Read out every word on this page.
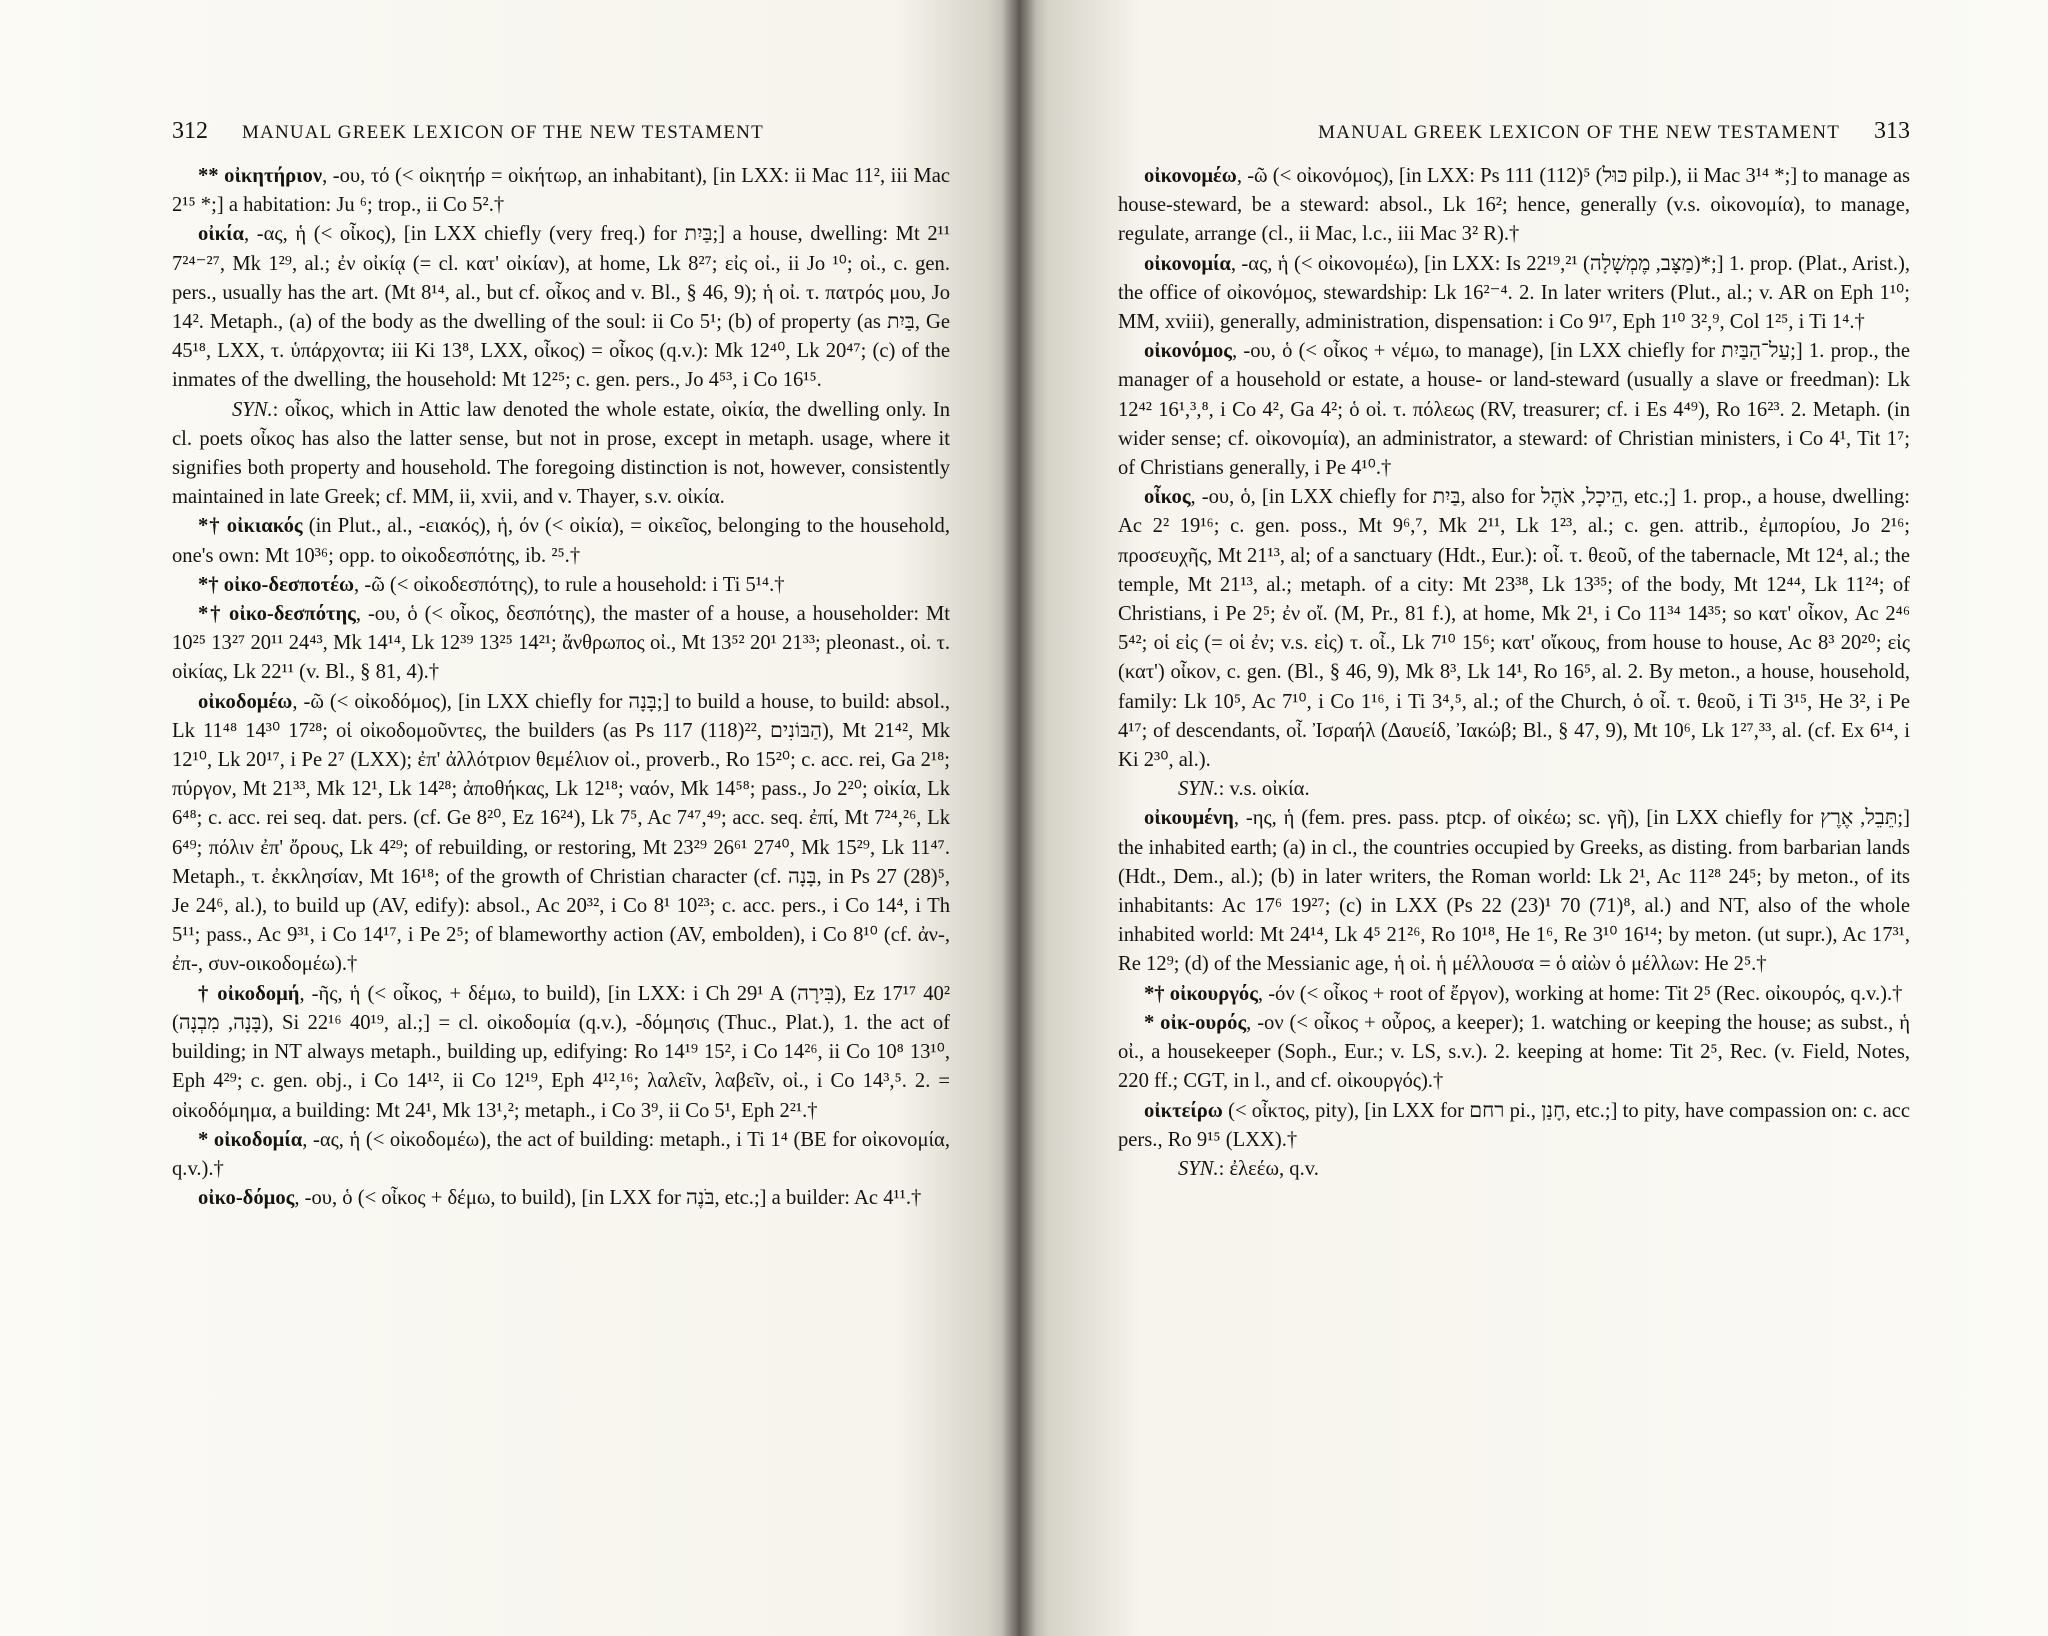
312 MANUAL GREEK LEXICON OF THE NEW TESTAMENT

** οἰκητήριον, -ου, τό (< οἰκητήρ = οἰκήτωρ, an inhabitant), [in LXX: ii Mac 11², iii Mac 2¹⁵ *;] a habitation: Ju ⁶; trop., ii Co 5².†

οἰκία, -ας, ἡ (< οἶκος), [in LXX chiefly (very freq.) for בַּיִת;] a house, dwelling: Mt 2¹¹ 7²⁴⁻²⁷, Mk 1²⁹, al.; ἐν οἰκίᾳ (= cl. κατ' οἰκίαν), at home, Lk 8²⁷; εἰς οἰ., ii Jo ¹⁰; οἰ., c. gen. pers., usually has the art. (Mt 8¹⁴, al., but cf. οἶκος and v. Bl., § 46, 9); ἡ οἰ. τ. πατρός μου, Jo 14². Metaph., (a) of the body as the dwelling of the soul: ii Co 5¹; (b) of property (as בַּיִת, Ge 45¹⁸, LXX, τ. ὑπάρχοντα; iii Ki 13⁸, LXX, οἶκος) = οἶκος (q.v.): Mk 12⁴⁰, Lk 20⁴⁷; (c) of the inmates of the dwelling, the household: Mt 12²⁵; c. gen. pers., Jo 4⁵³, i Co 16¹⁵.

SYN.: οἶκος, which in Attic law denoted the whole estate, οἰκία, the dwelling only. In cl. poets οἶκος has also the latter sense, but not in prose, except in metaph. usage, where it signifies both property and household. The foregoing distinction is not, however, consistently maintained in late Greek; cf. MM, ii, xvii, and v. Thayer, s.v. οἰκία.

*† οἰκιακός (in Plut., al., -ειακός), ἡ, όν (< οἰκία), = οἰκεῖος, belonging to the household, one's own: Mt 10³⁶; opp. to οἰκοδεσπότης, ib. ²⁵.†

*† οἰκο-δεσποτέω, -ῶ (< οἰκοδεσπότης), to rule a household: i Ti 5¹⁴.†

*† οἰκο-δεσπότης, -ου, ὁ (< οἶκος, δεσπότης), the master of a house, a householder: Mt 10²⁵ 13²⁷ 20¹¹ 24⁴³, Mk 14¹⁴, Lk 12³⁹ 13²⁵ 14²¹; ἄνθρωπος οἰ., Mt 13⁵² 20¹ 21³³; pleonast., οἰ. τ. οἰκίας, Lk 22¹¹ (v. Bl., § 81, 4).†

οἰκοδομέω, -ῶ (< οἰκοδόμος), [in LXX chiefly for בָּנָה;] to build a house, to build: absol., Lk 11⁴⁸ 14³⁰ 17²⁸; οἱ οἰκοδομοῦντες, the builders (as Ps 117 (118)²², הַבּוֹנִים), Mt 21⁴², Mk 12¹⁰, Lk 20¹⁷, i Pe 2⁷ (LXX); ἐπ' ἀλλότριον θεμέλιον οἰ., proverb., Ro 15²⁰; c. acc. rei, Ga 2¹⁸; πύργον, Mt 21³³, Mk 12¹, Lk 14²⁸; ἀποθήκας, Lk 12¹⁸; ναόν, Mk 14⁵⁸; pass., Jo 2²⁰; οἰκία, Lk 6⁴⁸; c. acc. rei seq. dat. pers. (cf. Ge 8²⁰, Ez 16²⁴), Lk 7⁵, Ac 7⁴⁷,⁴⁹; acc. seq. ἐπί, Mt 7²⁴,²⁶, Lk 6⁴⁹; πόλιν ἐπ' ὄρους, Lk 4²⁹; of rebuilding, or restoring, Mt 23²⁹ 26⁶¹ 27⁴⁰, Mk 15²⁹, Lk 11⁴⁷. Metaph., τ. ἐκκλησίαν, Mt 16¹⁸; of the growth of Christian character (cf. בָּנָה, in Ps 27 (28)⁵, Je 24⁶, al.), to build up (AV, edify): absol., Ac 20³², i Co 8¹ 10²³; c. acc. pers., i Co 14⁴, i Th 5¹¹; pass., Ac 9³¹, i Co 14¹⁷, i Pe 2⁵; of blameworthy action (AV, embolden), i Co 8¹⁰ (cf. ἀν-, ἐπ-, συν-οικοδομέω).†

† οἰκοδομή, -ῆς, ἡ (< οἶκος, + δέμω, to build), [in LXX: i Ch 29¹ A (בִּירָה), Ez 17¹⁷ 40² (בָּנָה, מִבְנָה), Si 22¹⁶ 40¹⁹, al.;] = cl. οἰκοδομία (q.v.), -δόμησις (Thuc., Plat.), 1. the act of building; in NT always metaph., building up, edifying: Ro 14¹⁹ 15², i Co 14²⁶, ii Co 10⁸ 13¹⁰, Eph 4²⁹; c. gen. obj., i Co 14¹², ii Co 12¹⁹, Eph 4¹²,¹⁶; λαλεῖν, λαβεῖν, οἰ., i Co 14³,⁵. 2. = οἰκοδόμημα, a building: Mt 24¹, Mk 13¹,²; metaph., i Co 3⁹, ii Co 5¹, Eph 2²¹.†

* οἰκοδομία, -ας, ἡ (< οἰκοδομέω), the act of building: metaph., i Ti 1⁴ (BE for οἰκονομία, q.v.).†

οἰκο-δόμος, -ου, ὁ (< οἶκος + δέμω, to build), [in LXX for בֹּנֶה, etc.;] a builder: Ac 4¹¹.†

MANUAL GREEK LEXICON OF THE NEW TESTAMENT 313

οἰκονομέω, -ῶ (< οἰκονόμος), [in LXX: Ps 111 (112)⁵ (כּוּל pilp.), ii Mac 3¹⁴ *;] to manage as house-steward, be a steward: absol., Lk 16²; hence, generally (v.s. οἰκονομία), to manage, regulate, arrange (cl., ii Mac, l.c., iii Mac 3² R).†

οἰκονομία, -ας, ἡ (< οἰκονομέω), [in LXX: Is 22¹⁹,²¹ (מַצָּב, מֶמְשָׁלָה)*;] 1. prop. (Plat., Arist.), the office of οἰκονόμος, stewardship: Lk 16²⁻⁴. 2. In later writers (Plut., al.; v. AR on Eph 1¹⁰; MM, xviii), generally, administration, dispensation: i Co 9¹⁷, Eph 1¹⁰ 3²,⁹, Col 1²⁵, i Ti 1⁴.†

οἰκονόμος, -ου, ὁ (< οἶκος + νέμω, to manage), [in LXX chiefly for עַל־הַבַּיִת;] 1. prop., the manager of a household or estate, a house- or land-steward (usually a slave or freedman): Lk 12⁴² 16¹,³,⁸, i Co 4², Ga 4²; ὁ οἰ. τ. πόλεως (RV, treasurer; cf. i Es 4⁴⁹), Ro 16²³. 2. Metaph. (in wider sense; cf. οἰκονομία), an administrator, a steward: of Christian ministers, i Co 4¹, Tit 1⁷; of Christians generally, i Pe 4¹⁰.†

οἶκος, -ου, ὁ, [in LXX chiefly for בַּיִת, also for הֵיכָל, אֹהֶל, etc.;] 1. prop., a house, dwelling: Ac 2² 19¹⁶; c. gen. poss., Mt 9⁶,⁷, Mk 2¹¹, Lk 1²³, al.; c. gen. attrib., ἐμπορίου, Jo 2¹⁶; προσευχῆς, Mt 21¹³, al; of a sanctuary (Hdt., Eur.): οἶ. τ. θεοῦ, of the tabernacle, Mt 12⁴, al.; the temple, Mt 21¹³, al.; metaph. of a city: Mt 23³⁸, Lk 13³⁵; of the body, Mt 12⁴⁴, Lk 11²⁴; of Christians, i Pe 2⁵; ἐν οἴ. (M, Pr., 81 f.), at home, Mk 2¹, i Co 11³⁴ 14³⁵; so κατ' οἶκον, Ac 2⁴⁶ 5⁴²; οἱ εἰς (= οἱ ἐν; v.s. εἰς) τ. οἶ., Lk 7¹⁰ 15⁶; κατ' οἴκους, from house to house, Ac 8³ 20²⁰; εἰς (κατ') οἶκον, c. gen. (Bl., § 46, 9), Mk 8³, Lk 14¹, Ro 16⁵, al. 2. By meton., a house, household, family: Lk 10⁵, Ac 7¹⁰, i Co 1¹⁶, i Ti 3⁴,⁵, al.; of the Church, ὁ οἶ. τ. θεοῦ, i Ti 3¹⁵, He 3², i Pe 4¹⁷; of descendants, οἶ. Ἰσραήλ (Δαυείδ, Ἰακώβ; Bl., § 47, 9), Mt 10⁶, Lk 1²⁷,³³, al. (cf. Ex 6¹⁴, i Ki 2³⁰, al.).

SYN.: v.s. οἰκία.

οἰκουμένη, -ης, ἡ (fem. pres. pass. ptcp. of οἰκέω; sc. γῆ), [in LXX chiefly for תֵּבֵל, אֶרֶץ;] the inhabited earth; (a) in cl., the countries occupied by Greeks, as disting. from barbarian lands (Hdt., Dem., al.); (b) in later writers, the Roman world: Lk 2¹, Ac 11²⁸ 24⁵; by meton., of its inhabitants: Ac 17⁶ 19²⁷; (c) in LXX (Ps 22 (23)¹ 70 (71)⁸, al.) and NT, also of the whole inhabited world: Mt 24¹⁴, Lk 4⁵ 21²⁶, Ro 10¹⁸, He 1⁶, Re 3¹⁰ 16¹⁴; by meton. (ut supr.), Ac 17³¹, Re 12⁹; (d) of the Messianic age, ἡ οἰ. ἡ μέλλουσα = ὁ αἰὼν ὁ μέλλων: He 2⁵.†

*† οἰκουργός, -όν (< οἶκος + root of ἔργον), working at home: Tit 2⁵ (Rec. οἰκουρός, q.v.).†

* οἰκ-ουρός, -ον (< οἶκος + οὖρος, a keeper); 1. watching or keeping the house; as subst., ἡ οἰ., a housekeeper (Soph., Eur.; v. LS, s.v.). 2. keeping at home: Tit 2⁵, Rec. (v. Field, Notes, 220 ff.; CGT, in l., and cf. οἰκουργός).†

οἰκτείρω (< οἶκτος, pity), [in LXX for רחם pi., חָנַן, etc.;] to pity, have compassion on: c. acc pers., Ro 9¹⁵ (LXX).†

SYN.: ἐλεέω, q.v.
